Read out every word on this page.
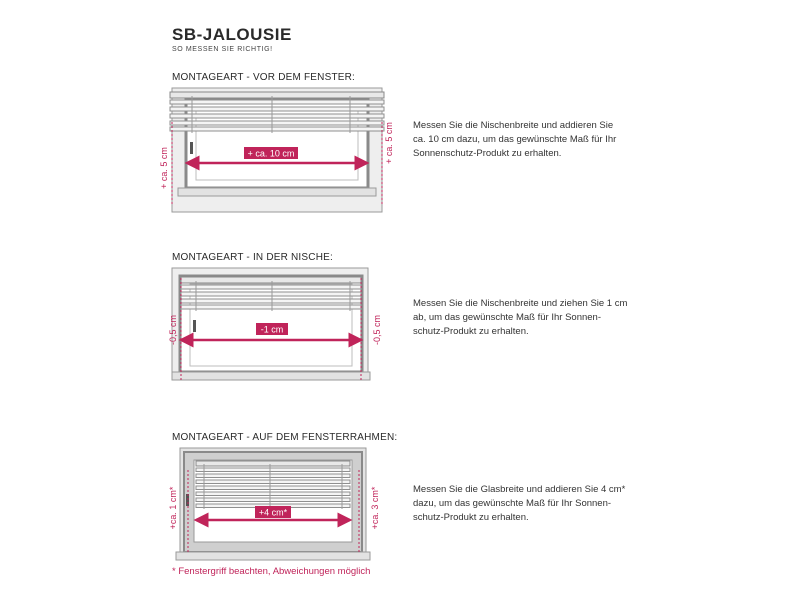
SB-JALOUSIE
SO MESSEN SIE RICHTIG!
MONTAGEART - VOR DEM FENSTER:
MONTAGEART - IN DER NISCHE:
MONTAGEART - AUF DEM FENSTERRAHMEN:
Messen Sie die Nischenbreite und addieren Sie
ca. 10 cm dazu, um das gewünschte Maß für Ihr
Sonnenschutz-Produkt zu erhalten.
Messen Sie die Nischenbreite und ziehen Sie 1 cm
ab, um das gewünschte Maß für Ihr Sonnen-
schutz-Produkt zu erhalten.
Messen Sie die Glasbreite und addieren Sie 4 cm*
dazu, um das gewünschte Maß für Ihr Sonnen-
schutz-Produkt zu erhalten.
* Fenstergriff beachten, Abweichungen möglich
+ ca. 10 cm
+ ca. 5 cm
+ ca. 5 cm
-1 cm
-0,5 cm	-0,5 cm
+4 cm*
+ca. 1 cm*	+ca. 3 cm*
